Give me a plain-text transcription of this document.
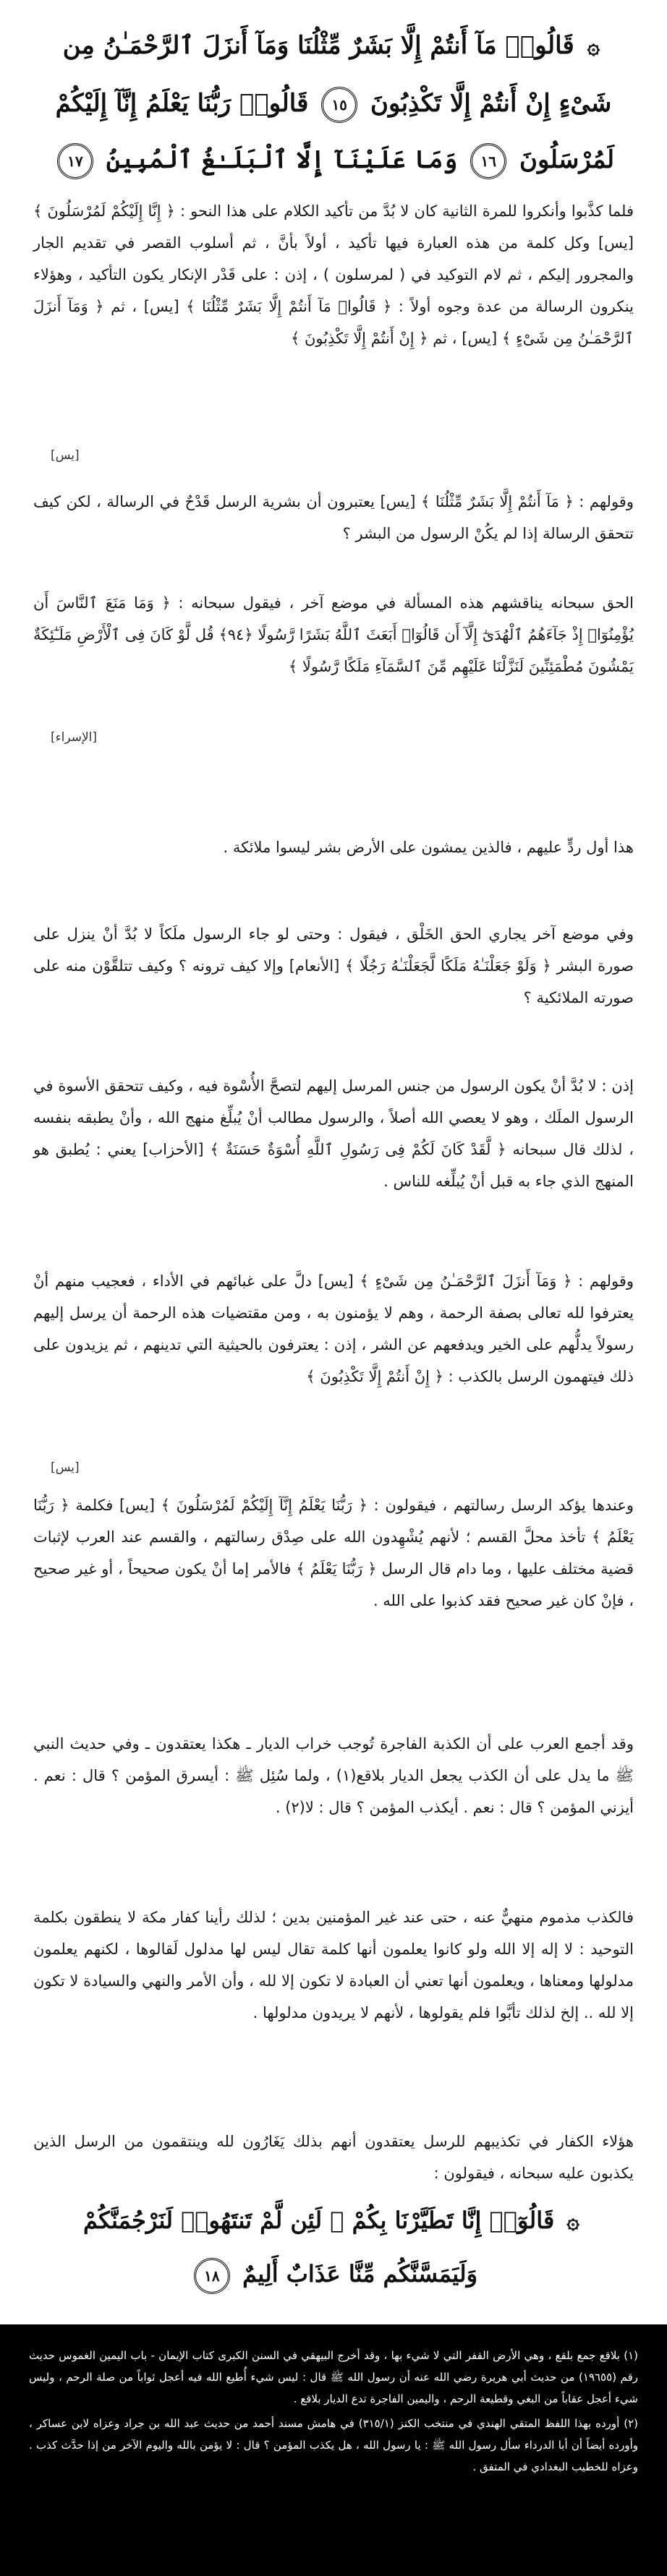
۞ قَالُوا۟ مَآ أَنتُمْ إِلَّا بَشَرٌ مِّثْلُنَا وَمَآ أَنزَلَ ٱلرَّحْمَـٰنُ مِن
شَىْءٍ إِنْ أَنتُمْ إِلَّا تَكْذِبُونَ ١٥ قَالُوا۟ رَبُّنَا يَعْلَمُ إِنَّآ إِلَيْكُمْ
لَمُرْسَلُونَ ١٦ وَمَا عَلَيْنَآ إِلَّا ٱلْبَلَـٰغُ ٱلْمُبِينُ ١٧
فلما كذَّبوا وأنكروا للمرة الثانية كان لا بُدَّ من تأكيد الكلام على هذا النحو : ﴿ إِنَّا إِلَيْكُمْ لَمُرْسَلُونَ ﴾ [يس] وكل كلمة من هذه العبارة فيها تأكيد ، أولاً بأنَّ ، ثم أسلوب القصر في تقديم الجار والمجرور إليكم ، ثم لام التوكيد في ( لمرسلون ) ، إذن : على قَدْر الإنكار يكون التأكيد ، وهؤلاء ينكرون الرسالة من عدة وجوه أولاً : ﴿ قَالُوا۟ مَآ أَنتُمْ إِلَّا بَشَرٌ مِّثْلُنَا ﴾ [يس] ، ثم ﴿ وَمَآ أَنزَلَ ٱلرَّحْمَـٰنُ مِن شَىْءٍ ﴾ [يس] ، ثم ﴿ إِنْ أَنتُمْ إِلَّا تَكْذِبُونَ ﴾
[يس]
وقولهم : ﴿ مَآ أَنتُمْ إِلَّا بَشَرٌ مِّثْلُنَا ﴾ [يس] يعتبرون أن بشرية الرسل قَدْحٌ في الرسالة ، لكن كيف تتحقق الرسالة إذا لم يكُنْ الرسول من البشر ؟
الحق سبحانه يناقشهم هذه المسألة في موضع آخر ، فيقول سبحانه : ﴿ وَمَا مَنَعَ ٱلنَّاسَ أَن يُؤْمِنُوٓا۟ إِذْ جَآءَهُمُ ٱلْهُدَىٰٓ إِلَّآ أَن قَالُوٓا۟ أَبَعَثَ ٱللَّهُ بَشَرًا رَّسُولًا ﴿٩٤﴾ قُل لَّوْ كَانَ فِى ٱلْأَرْضِ مَلَـٰٓئِكَةٌ يَمْشُونَ مُطْمَئِنِّينَ لَنَزَّلْنَا عَلَيْهِم مِّنَ ٱلسَّمَآءِ مَلَكًا رَّسُولًا ﴾
[الإسراء]
هذا أول ردٍّ عليهم ، فالذين يمشون على الأرض بشر ليسوا ملائكة .
وفي موضع آخر يجاري الحق الخَلْق ، فيقول : وحتى لو جاء الرسول ملَكاً لا بُدَّ أنْ ينزل على صورة البشر ﴿ وَلَوْ جَعَلْنَـٰهُ مَلَكًا لَّجَعَلْنَـٰهُ رَجُلًا ﴾ [الأنعام] وإلا كيف ترونه ؟ وكيف تتلقَّوْن منه على صورته الملائكية ؟
إذن : لا بُدَّ أنْ يكون الرسول من جنس المرسل إليهم لتصحَّ الأُسْوة فيه ، وكيف تتحقق الأسوة في الرسول الملَك ، وهو لا يعصي الله أصلاً ، والرسول مطالب أنْ يُبلِّغ منهج الله ، وأنْ يطبقه بنفسه ، لذلك قال سبحانه ﴿ لَّقَدْ كَانَ لَكُمْ فِى رَسُولِ ٱللَّهِ أُسْوَةٌ حَسَنَةٌ ﴾ [الأحزاب] يعني : يُطبق هو المنهج الذي جاء به قبل أنْ يُبلِّغه للناس .
وقولهم : ﴿ وَمَآ أَنزَلَ ٱلرَّحْمَـٰنُ مِن شَىْءٍ ﴾ [يس] دلَّ على غبائهم في الأداء ، فعجيب منهم أنْ يعترفوا لله تعالى بصفة الرحمة ، وهم لا يؤمنون به ، ومن مقتضيات هذه الرحمة أن يرسل إليهم رسولاً يدلُّهم على الخير ويدفعهم عن الشر ، إذن : يعترفون بالحيثية التي تدينهم ، ثم يزيدون على ذلك فيتهمون الرسل بالكذب : ﴿ إِنْ أَنتُمْ إِلَّا تَكْذِبُونَ ﴾
[يس]
وعندها يؤكد الرسل رسالتهم ، فيقولون : ﴿ رَبُّنَا يَعْلَمُ إِنَّآ إِلَيْكُمْ لَمُرْسَلُونَ ﴾ [يس] فكلمة ﴿ رَبُّنَا يَعْلَمُ ﴾ تأخذ محلَّ القسم ؛ لأنهم يُشْهِدون الله على صِدْق رسالتهم ، والقسم عند العرب لإثبات قضية مختلف عليها ، وما دام قال الرسل ﴿ رَبُّنَا يَعْلَمُ ﴾ فالأمر إما أنْ يكون صحيحاً ، أو غير صحيح ، فإنْ كان غير صحيح فقد كذبوا على الله .
وقد أجمع العرب على أن الكذبة الفاجرة تُوجب خراب الديار ـ هكذا يعتقدون ـ وفي حديث النبي ﷺ ما يدل على أن الكذب يجعل الديار بلاقع(١) ، ولما سُئِل ﷺ : أيسرق المؤمن ؟ قال : نعم . أيزني المؤمن ؟ قال : نعم . أيكذب المؤمن ؟ قال : لا(٢) .
فالكذب مذموم منهيٌّ عنه ، حتى عند غير المؤمنين بدين ؛ لذلك رأينا كفار مكة لا ينطقون بكلمة التوحيد : لا إله إلا الله ولو كانوا يعلمون أنها كلمة تقال ليس لها مدلول لَقالوها ، لكنهم يعلمون مدلولها ومعناها ، ويعلمون أنها تعني أن العبادة لا تكون إلا لله ، وأن الأمر والنهي والسيادة لا تكون إلا لله .. إلخ لذلك تأبَّوا فلم يقولوها ، لأنهم لا يريدون مدلولها .
هؤلاء الكفار في تكذيبهم للرسل يعتقدون أنهم بذلك يَغَارُون لله وينتقمون من الرسل الذين يكذبون عليه سبحانه ، فيقولون :
۞ قَالُوٓا۟ إِنَّا تَطَيَّرْنَا بِكُمْ ۖ لَئِن لَّمْ تَنتَهُوا۟ لَنَرْجُمَنَّكُمْ
وَلَيَمَسَّنَّكُم مِّنَّا عَذَابٌ أَلِيمٌ ١٨

(١) بلاقع جمع بلقع ، وهي الأرض القفر التي لا شيء بها ، وقد أخرج البيهقي في السنن الكبرى كتاب الإيمان - باب اليمين الغموس حديث رقم (١٩٦٥٥) من حديث أبي هريرة رضي الله عنه أن رسول الله ﷺ قال : ليس شيء أُطيع الله فيه أعجل ثواباً من صلة الرحم ، وليس شيء أعجل عقاباً من البغي وقطيعة الرحم ، واليمين الفاجرة تدع الديار بلاقع .

(٢) أورده بهذا اللفظ المتقي الهندي في منتخب الكنز (٣١٥/١) في هامش مسند أحمد من حديث عبد الله بن جراد وعزاه لابن عساكر ، وأورده أيضاً أن أبا الدرداء سأل رسول الله ﷺ : يا رسول الله ، هل يكذب المؤمن ؟ قال : لا يؤمن بالله واليوم الآخر من إذا حدَّث كذب . وعزاه للخطيب البغدادي في المتفق .
